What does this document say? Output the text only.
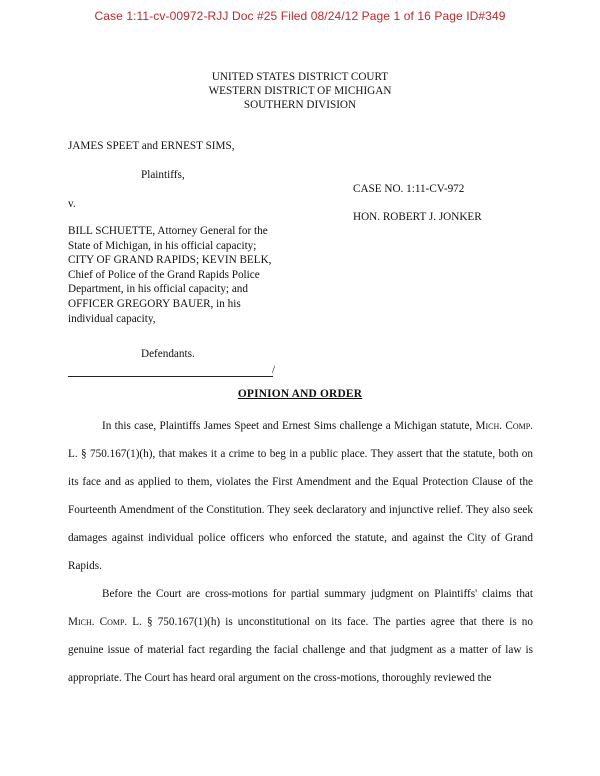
Case 1:11-cv-00972-RJJ Doc #25 Filed 08/24/12 Page 1 of 16 Page ID#349
UNITED STATES DISTRICT COURT
WESTERN DISTRICT OF MICHIGAN
SOUTHERN DIVISION
JAMES SPEET and ERNEST SIMS,
Plaintiffs,
CASE NO. 1:11-CV-972
v.
HON. ROBERT J. JONKER
BILL SCHUETTE, Attorney General for the State of Michigan, in his official capacity; CITY OF GRAND RAPIDS; KEVIN BELK, Chief of Police of the Grand Rapids Police Department, in his official capacity; and OFFICER GREGORY BAUER, in his individual capacity,
Defendants.
/
OPINION AND ORDER

In this case, Plaintiffs James Speet and Ernest Sims challenge a Michigan statute, Mich. Comp. L. § 750.167(1)(h), that makes it a crime to beg in a public place. They assert that the statute, both on its face and as applied to them, violates the First Amendment and the Equal Protection Clause of the Fourteenth Amendment of the Constitution. They seek declaratory and injunctive relief. They also seek damages against individual police officers who enforced the statute, and against the City of Grand Rapids.

Before the Court are cross-motions for partial summary judgment on Plaintiffs' claims that Mich. Comp. L. § 750.167(1)(h) is unconstitutional on its face. The parties agree that there is no genuine issue of material fact regarding the facial challenge and that judgment as a matter of law is appropriate. The Court has heard oral argument on the cross-motions, thoroughly reviewed the
